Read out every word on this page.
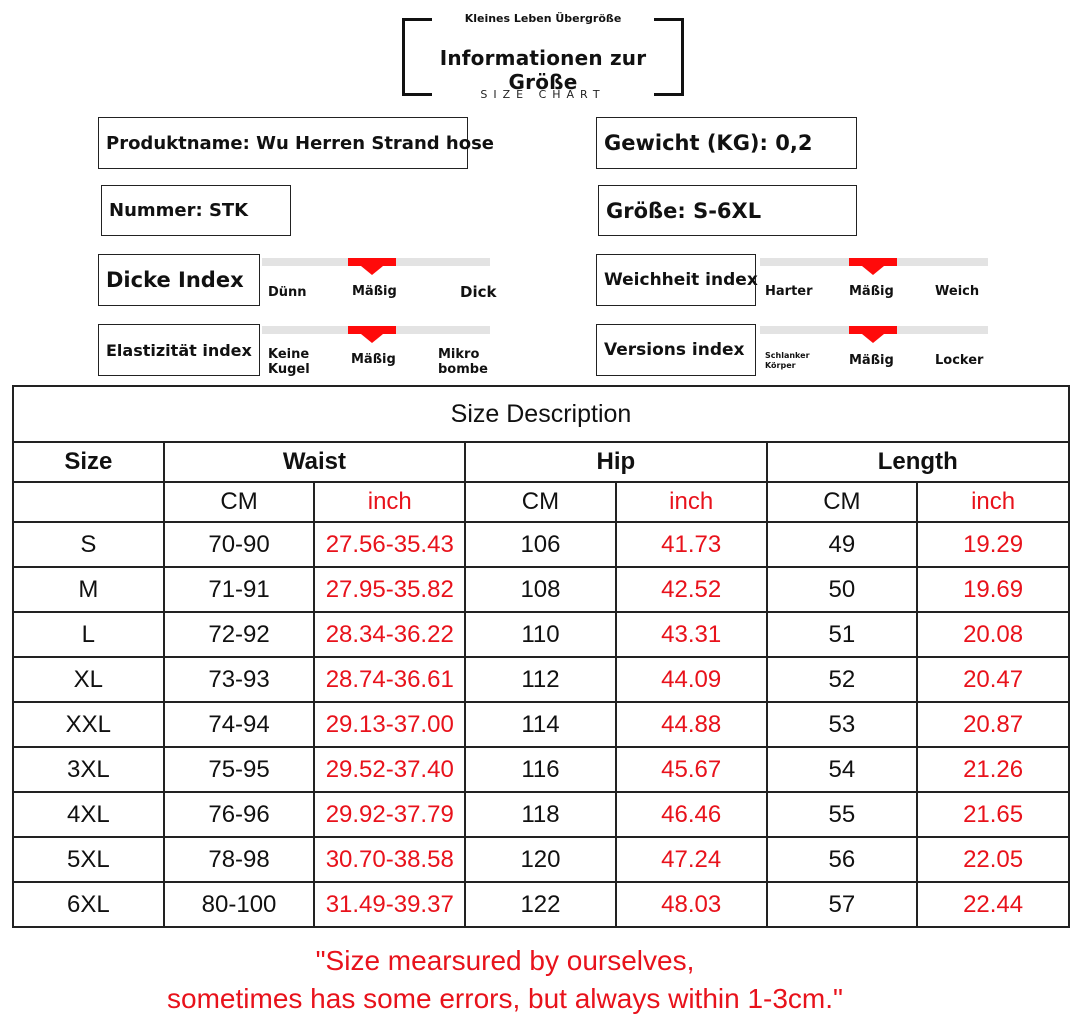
Kleines Leben Übergröße
Informationen zur Größe
SIZE CHART
Produktname: Wu Herren Strand hose	Gewicht (KG): 0,2
Nummer: STK	Größe: S-6XL
Dicke Index	Weichheit index
Elastizität index	Versions index
Dünn	Mäßig	Dick	Harter	Mäßig	Weich
Keine
Kugel
Mäßig	Mikro
bombe
Schlanker
Körper	Mäßig	Locker
Size Description						
Size	Waist		Hip		Length	
	CM	inch	CM	inch	CM	inch
S	70-90	27.56-35.43	106	41.73	49	19.29
M	71-91	27.95-35.82	108	42.52	50	19.69
L	72-92	28.34-36.22	110	43.31	51	20.08
XL	73-93	28.74-36.61	112	44.09	52	20.47
XXL	74-94	29.13-37.00	114	44.88	53	20.87
3XL	75-95	29.52-37.40	116	45.67	54	21.26
4XL	76-96	29.92-37.79	118	46.46	55	21.65
5XL	78-98	30.70-38.58	120	47.24	56	22.05
6XL	80-100	31.49-39.37	122	48.03	57	22.44
"Size mearsured by ourselves,
sometimes has some errors, but always within 1-3cm."
